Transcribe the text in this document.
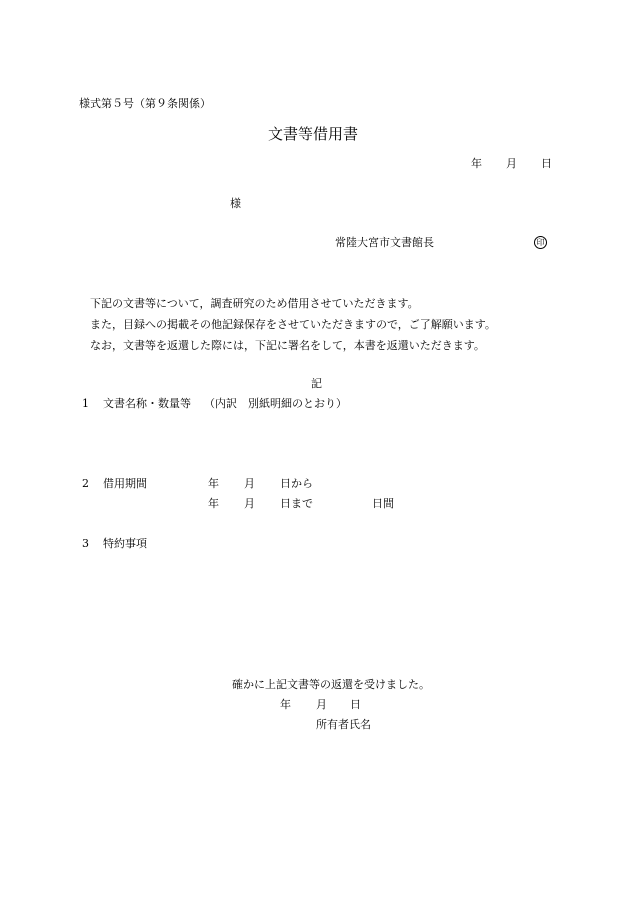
様式第５号（第９条関係）
文書等借用書
年 月 日
様
常陸大宮市文書館長	印
下記の文書等について，調査研究のため借用させていただきます。
また，目録への掲載その他記録保存をさせていただきますので，ご了解願います。
なお，文書等を返還した際には，下記に署名をして，本書を返還いただきます。
記
1 文書名称・数量等 （内訳　別紙明細のとおり）
2 借用期間	年 月 日から
年 月 日まで	日間
3 特約事項
確かに上記文書等の返還を受けました。
年 月 日
所有者氏名
